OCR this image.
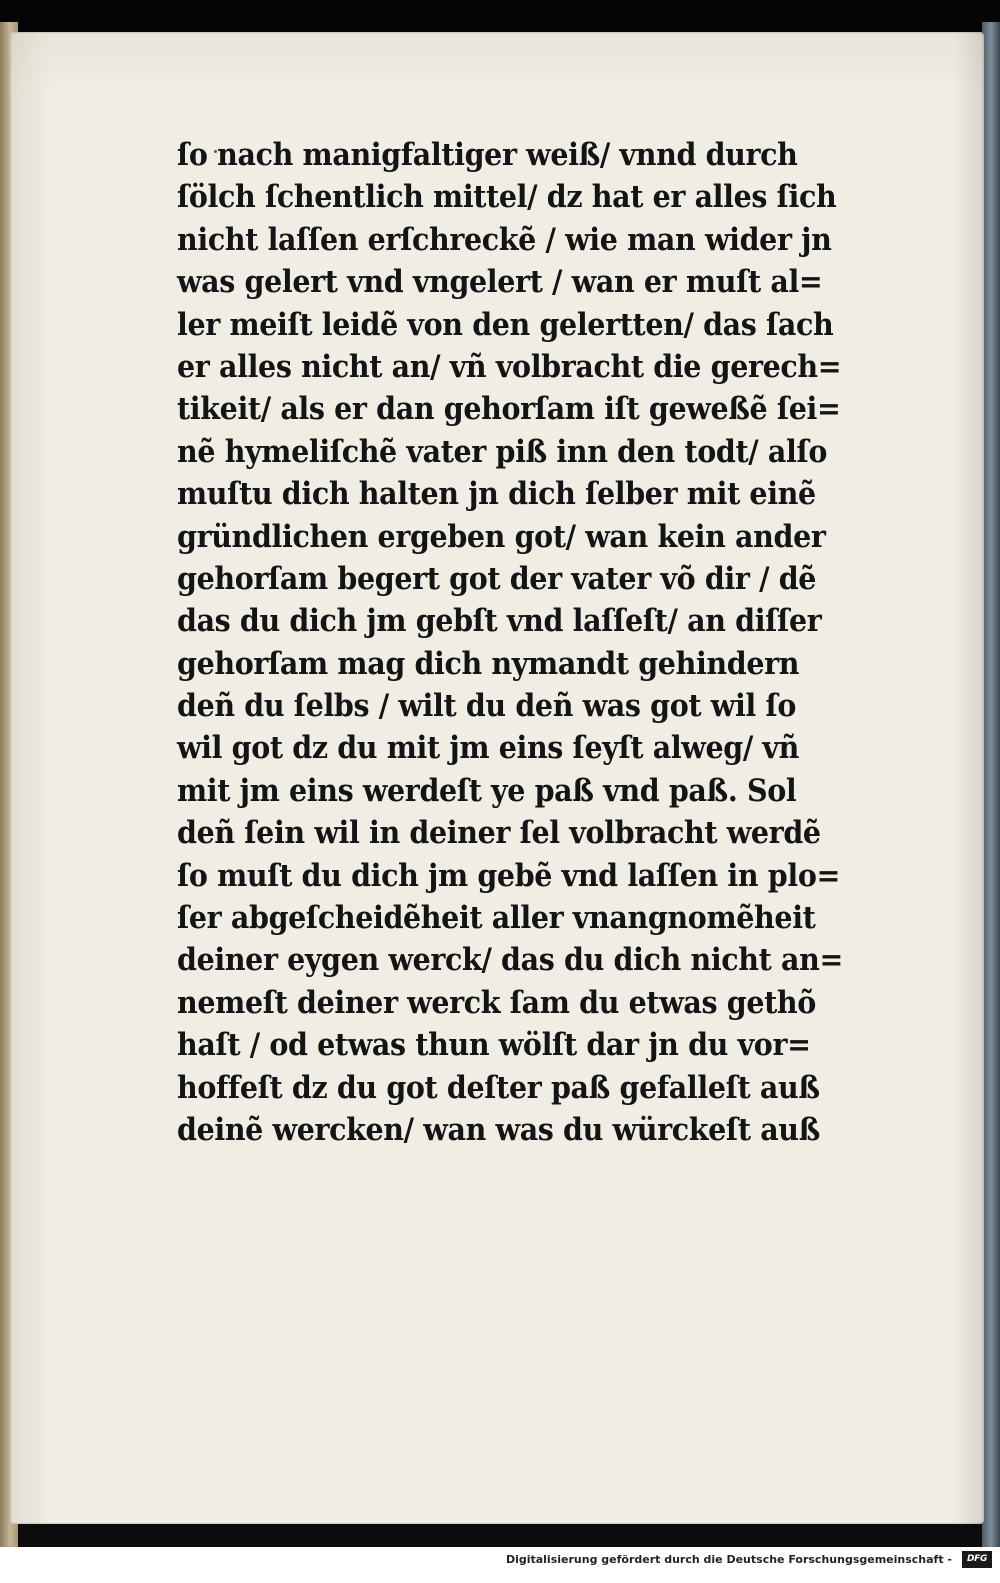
ſo nach manigfaltiger weiß/ vnnd durch
ſölch ſchentlich mittel/ dz hat er alles ſich
nicht laſſen erſchreckẽ / wie man wider jn
was gelert vnd vngelert / wan er muſt al=
ler meiſt leidẽ von den gelertten/ das ſach
er alles nicht an/ vñ volbracht die gerech=
tikeit/ als er dan gehorſam iſt geweßẽ ſei=
nẽ hymeliſchẽ vater piß inn den todt/ alſo
muſtu dich halten jn dich ſelber mit einẽ
gründlichen ergeben got/ wan kein ander
gehorſam begert got der vater võ dir / dẽ
das du dich jm gebſt vnd laſſeſt/ an diſſer
gehorſam mag dich nymandt gehindern
deñ du ſelbs / wilt du deñ was got wil ſo
wil got dz du mit jm eins ſeyſt alweg/ vñ
mit jm eins werdeſt ye paß vnd paß. Sol
deñ ſein wil in deiner ſel volbracht werdẽ
ſo muſt du dich jm gebẽ vnd laſſen in plo=
ſer abgeſcheidẽheit aller vnangnomẽheit
deiner eygen werck/ das du dich nicht an=
nemeſt deiner werck ſam du etwas gethõ
haſt / od etwas thun wölſt dar jn du vor=
hoffeſt dz du got deſter paß gefalleſt auß
deinẽ wercken/ wan was du würckeſt auß
Digitalisierung gefördert durch die Deutsche Forschungsgemeinschaft -	DFG
